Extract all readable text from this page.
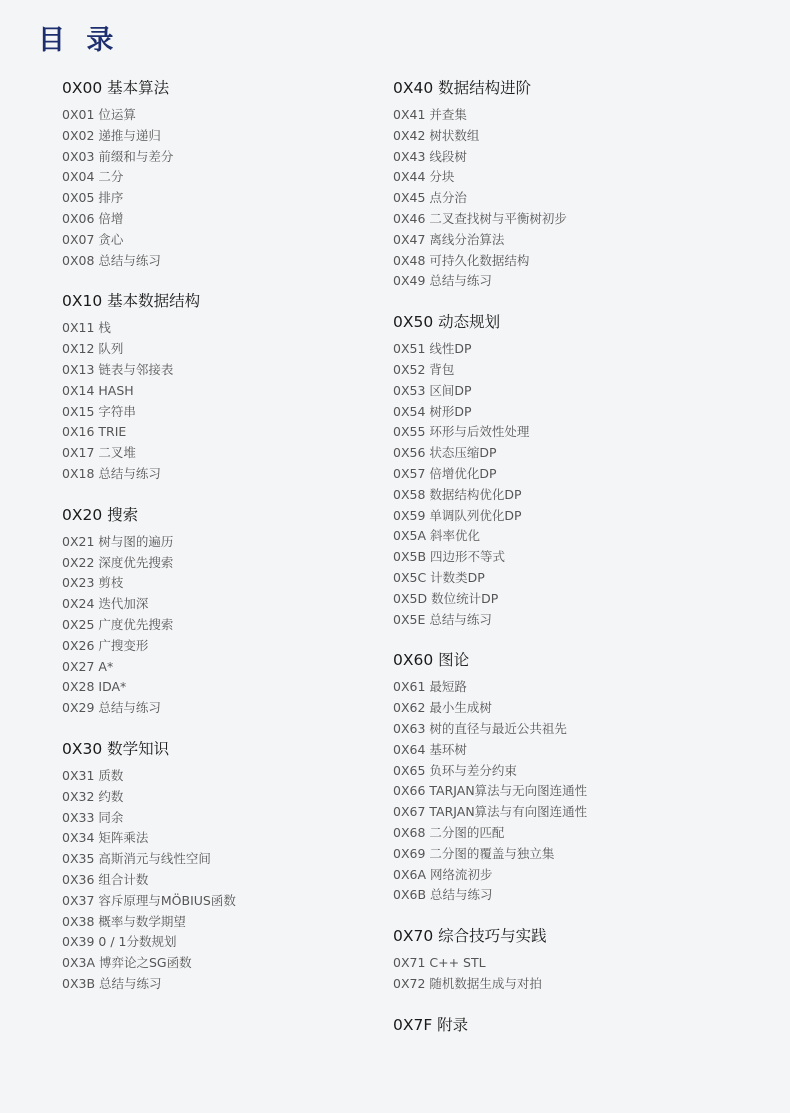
目 录
0X00 基本算法
0X01 位运算
0X02 递推与递归
0X03 前缀和与差分
0X04 二分
0X05 排序
0X06 倍增
0X07 贪心
0X08 总结与练习
0X10 基本数据结构
0X11 栈
0X12 队列
0X13 链表与邻接表
0X14 HASH
0X15 字符串
0X16 TRIE
0X17 二叉堆
0X18 总结与练习
0X20 搜索
0X21 树与图的遍历
0X22 深度优先搜索
0X23 剪枝
0X24 迭代加深
0X25 广度优先搜索
0X26 广搜变形
0X27 A*
0X28 IDA*
0X29 总结与练习
0X30 数学知识
0X31 质数
0X32 约数
0X33 同余
0X34 矩阵乘法
0X35 高斯消元与线性空间
0X36 组合计数
0X37 容斥原理与MÖBIUS函数
0X38 概率与数学期望
0X39 0 / 1分数规划
0X3A 博弈论之SG函数
0X3B 总结与练习
0X40 数据结构进阶
0X41 并查集
0X42 树状数组
0X43 线段树
0X44 分块
0X45 点分治
0X46 二叉查找树与平衡树初步
0X47 离线分治算法
0X48 可持久化数据结构
0X49 总结与练习
0X50 动态规划
0X51 线性DP
0X52 背包
0X53 区间DP
0X54 树形DP
0X55 环形与后效性处理
0X56 状态压缩DP
0X57 倍增优化DP
0X58 数据结构优化DP
0X59 单调队列优化DP
0X5A 斜率优化
0X5B 四边形不等式
0X5C 计数类DP
0X5D 数位统计DP
0X5E 总结与练习
0X60 图论
0X61 最短路
0X62 最小生成树
0X63 树的直径与最近公共祖先
0X64 基环树
0X65 负环与差分约束
0X66 TARJAN算法与无向图连通性
0X67 TARJAN算法与有向图连通性
0X68 二分图的匹配
0X69 二分图的覆盖与独立集
0X6A 网络流初步
0X6B 总结与练习
0X70 综合技巧与实践
0X71 C++ STL
0X72 随机数据生成与对拍
0X7F 附录
